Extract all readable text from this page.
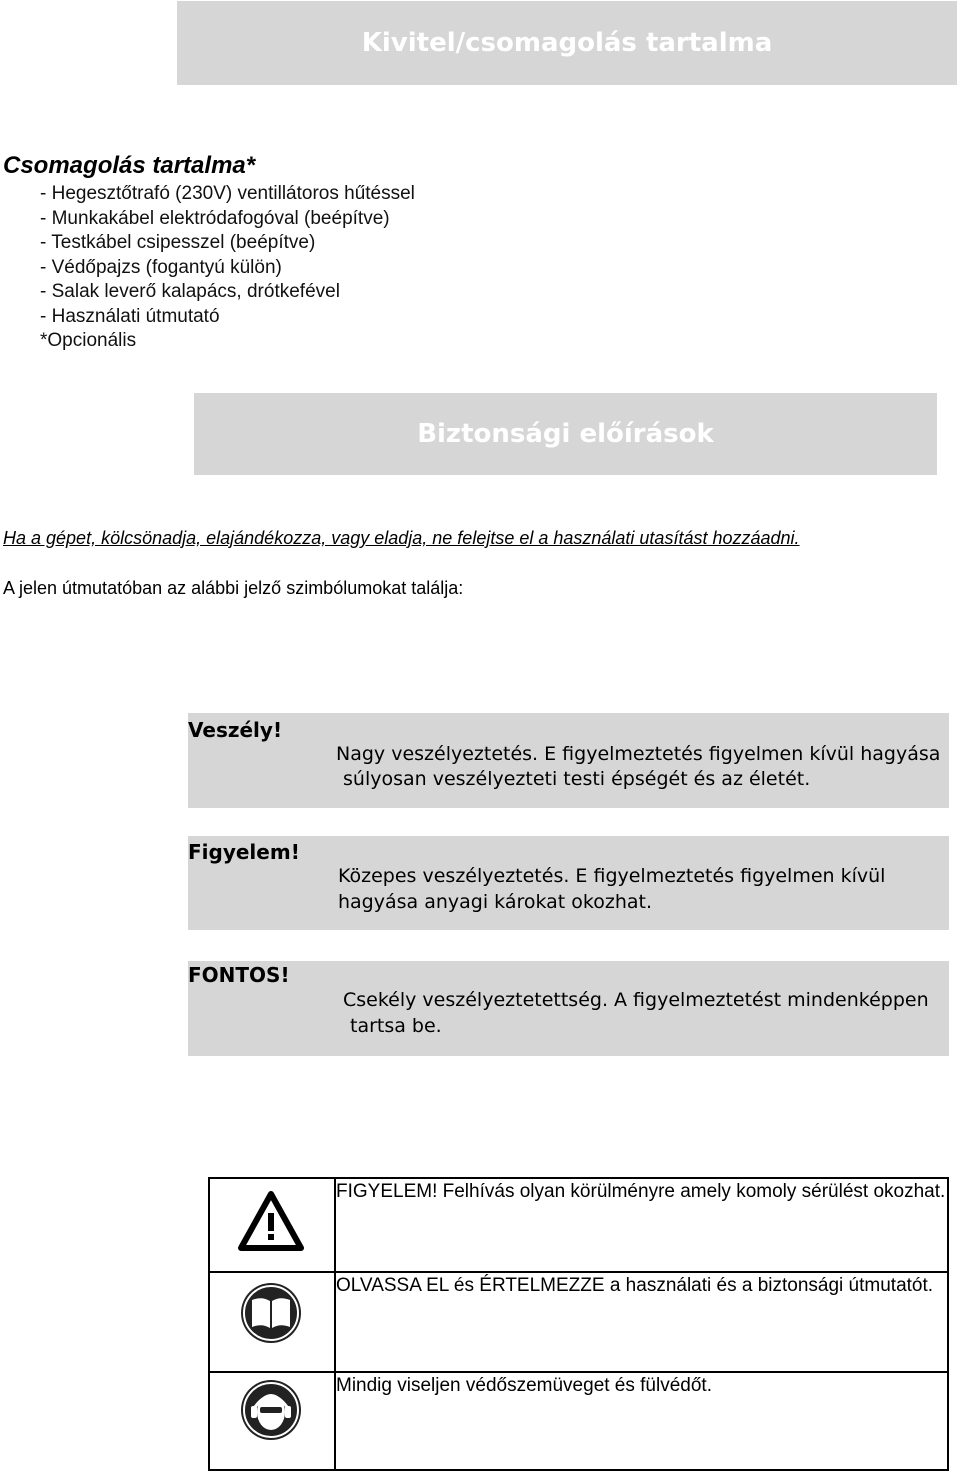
Kivitel/csomagolás tartalma
Csomagolás tartalma*
- Hegesztőtrafó (230V) ventillátoros hűtéssel
- Munkakábel elektródafogóval (beépítve)
- Testkábel csipesszel (beépítve)
- Védőpajzs (fogantyú külön)
- Salak leverő kalapács, drótkefével
- Használati útmutató
*Opcionális
Biztonsági előírások

Ha a gépet, kölcsönadja, elajándékozza, vagy eladja, ne felejtse el a használati utasítást hozzáadni.

A jelen útmutatóban az alábbi jelző szimbólumokat találja:

Veszély!

Nagy veszélyeztetés. E figyelmeztetés figyelmen kívül hagyása

súlyosan veszélyezteti testi épségét és az életét.

Figyelem!

Közepes veszélyeztetés. E figyelmeztetés figyelmen kívül

hagyása anyagi károkat okozhat.

FONTOS!

Csekély veszélyeztetettség. A figyelmeztetést mindenképpen

tartsa be.

	FIGYELEM! Felhívás olyan körülményre amely komoly sérülést okozhat.

	OLVASSA EL és ÉRTELMEZZE a használati és a biztonsági útmutatót.

	Mindig viseljen védőszemüveget és fülvédőt.
